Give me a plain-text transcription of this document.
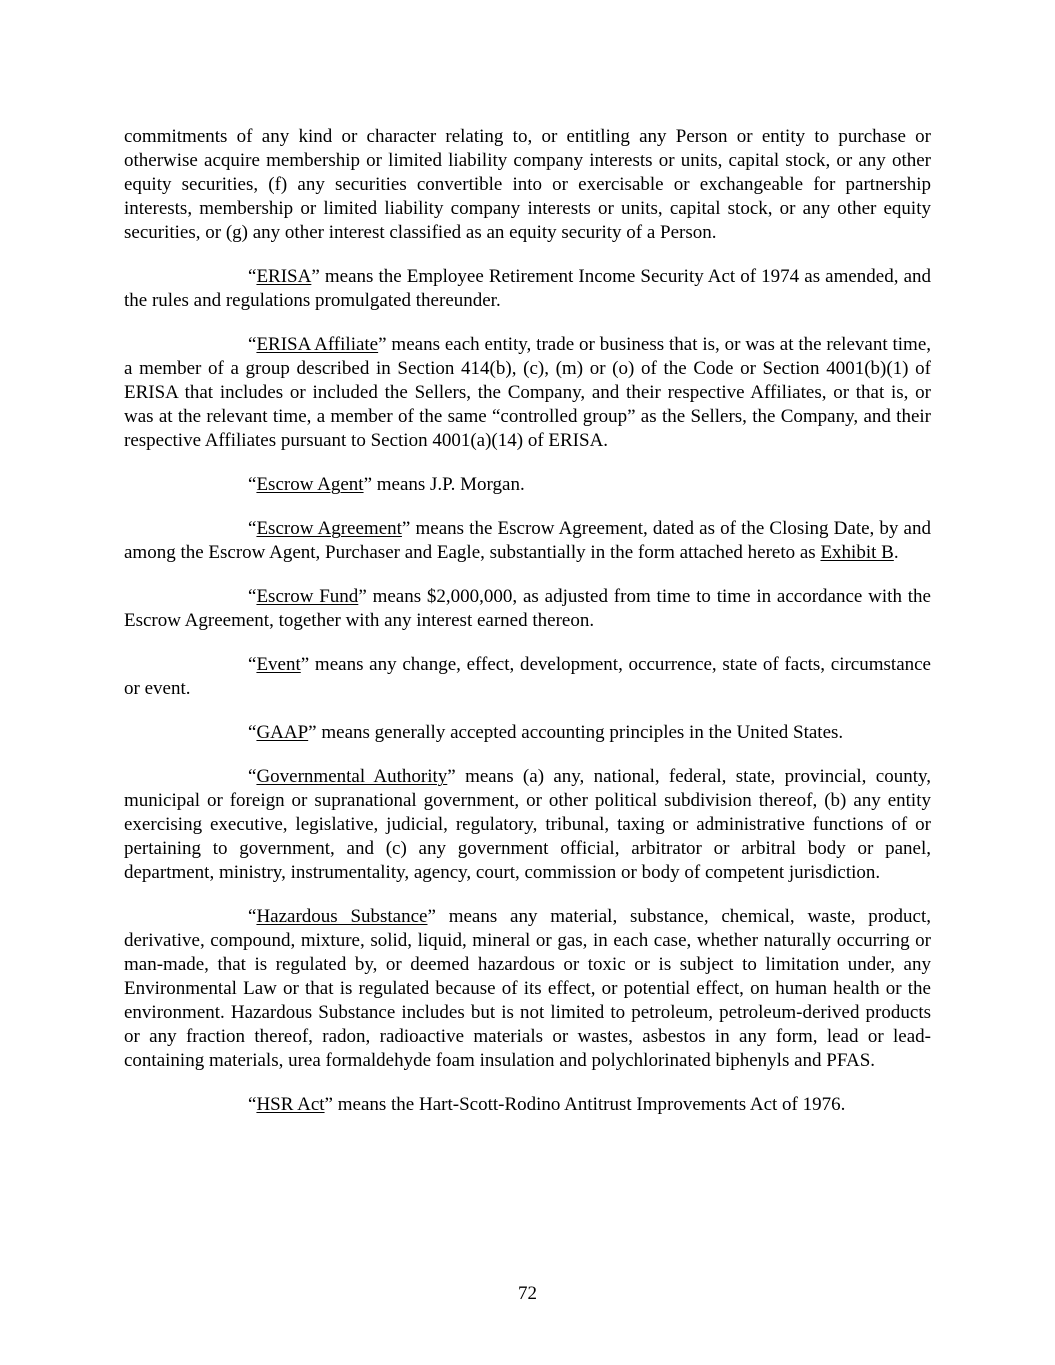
commitments of any kind or character relating to, or entitling any Person or entity to purchase or otherwise acquire membership or limited liability company interests or units, capital stock, or any other equity securities, (f) any securities convertible into or exercisable or exchangeable for partnership interests, membership or limited liability company interests or units, capital stock, or any other equity securities, or (g) any other interest classified as an equity security of a Person.

“ERISA” means the Employee Retirement Income Security Act of 1974 as amended, and the rules and regulations promulgated thereunder.

“ERISA Affiliate” means each entity, trade or business that is, or was at the relevant time, a member of a group described in Section 414(b), (c), (m) or (o) of the Code or Section 4001(b)(1) of ERISA that includes or included the Sellers, the Company, and their respective Affiliates, or that is, or was at the relevant time, a member of the same “controlled group” as the Sellers, the Company, and their respective Affiliates pursuant to Section 4001(a)(14) of ERISA.

“Escrow Agent” means J.P. Morgan.

“Escrow Agreement” means the Escrow Agreement, dated as of the Closing Date, by and among the Escrow Agent, Purchaser and Eagle, substantially in the form attached hereto as Exhibit B.

“Escrow Fund” means $2,000,000, as adjusted from time to time in accordance with the Escrow Agreement, together with any interest earned thereon.

“Event” means any change, effect, development, occurrence, state of facts, circumstance or event.

“GAAP” means generally accepted accounting principles in the United States.

“Governmental Authority” means (a) any, national, federal, state, provincial, county, municipal or foreign or supranational government, or other political subdivision thereof, (b) any entity exercising executive, legislative, judicial, regulatory, tribunal, taxing or administrative functions of or pertaining to government, and (c) any government official, arbitrator or arbitral body or panel, department, ministry, instrumentality, agency, court, commission or body of competent jurisdiction.

“Hazardous Substance” means any material, substance, chemical, waste, product, derivative, compound, mixture, solid, liquid, mineral or gas, in each case, whether naturally occurring or man-made, that is regulated by, or deemed hazardous or toxic or is subject to limitation under, any Environmental Law or that is regulated because of its effect, or potential effect, on human health or the environment. Hazardous Substance includes but is not limited to petroleum, petroleum-derived products or any fraction thereof, radon, radioactive materials or wastes, asbestos in any form, lead or lead-containing materials, urea formaldehyde foam insulation and polychlorinated biphenyls and PFAS.

“HSR Act” means the Hart-Scott-Rodino Antitrust Improvements Act of 1976.

72
